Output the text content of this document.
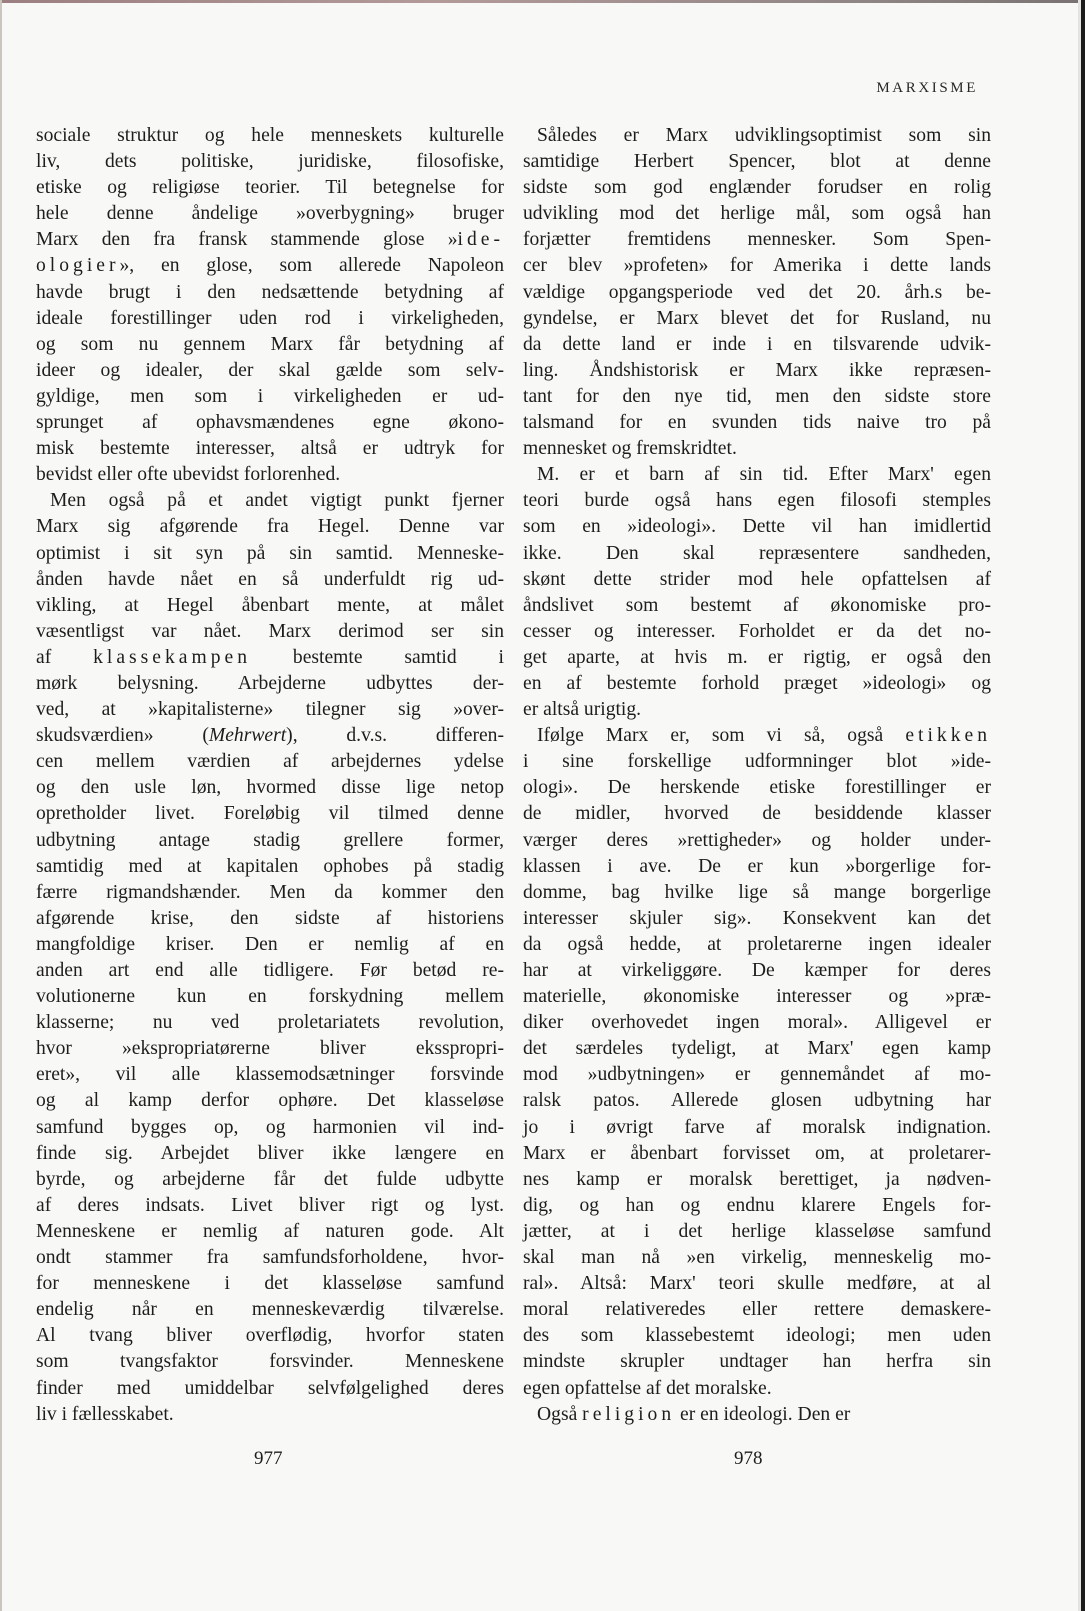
MARXISME
sociale struktur og hele menneskets kulturelle
liv, dets politiske, juridiske, filosofiske,
etiske og religiøse teorier. Til betegnelse for
hele denne åndelige »overbygning» bruger
Marx den fra fransk stammende glose »ide-
ologier», en glose, som allerede Napoleon
havde brugt i den nedsættende betydning af
ideale forestillinger uden rod i virkeligheden,
og som nu gennem Marx får betydning af
ideer og idealer, der skal gælde som selv-
gyldige, men som i virkeligheden er ud-
sprunget af ophavsmændenes egne økono-
misk bestemte interesser, altså er udtryk for
bevidst eller ofte ubevidst forlorenhed.
Men også på et andet vigtigt punkt fjerner
Marx sig afgørende fra Hegel. Denne var
optimist i sit syn på sin samtid. Menneske-
ånden havde nået en så underfuldt rig ud-
vikling, at Hegel åbenbart mente, at målet
væsentligst var nået. Marx derimod ser sin
af klassekampen bestemte samtid i
mørk belysning. Arbejderne udbyttes der-
ved, at »kapitalisterne» tilegner sig »over-
skudsværdien» (Mehrwert), d.v.s. differen-
cen mellem værdien af arbejdernes ydelse
og den usle løn, hvormed disse lige netop
opretholder livet. Foreløbig vil tilmed denne
udbytning antage stadig grellere former,
samtidig med at kapitalen ophobes på stadig
færre rigmandshænder. Men da kommer den
afgørende krise, den sidste af historiens
mangfoldige kriser. Den er nemlig af en
anden art end alle tidligere. Før betød re-
volutionerne kun en forskydning mellem
klasserne; nu ved proletariatets revolution,
hvor »ekspropriatørerne bliver eksspropri-
eret», vil alle klassemodsætninger forsvinde
og al kamp derfor ophøre. Det klasseløse
samfund bygges op, og harmonien vil ind-
finde sig. Arbejdet bliver ikke længere en
byrde, og arbejderne får det fulde udbytte
af deres indsats. Livet bliver rigt og lyst.
Menneskene er nemlig af naturen gode. Alt
ondt stammer fra samfundsforholdene, hvor-
for menneskene i det klasseløse samfund
endelig når en menneskeværdig tilværelse.
Al tvang bliver overflødig, hvorfor staten
som tvangsfaktor forsvinder. Menneskene
finder med umiddelbar selvfølgelighed deres
liv i fællesskabet.
Således er Marx udviklingsoptimist som sin
samtidige Herbert Spencer, blot at denne
sidste som god englænder forudser en rolig
udvikling mod det herlige mål, som også han
forjætter fremtidens mennesker. Som Spen-
cer blev »profeten» for Amerika i dette lands
vældige opgangsperiode ved det 20. årh.s be-
gyndelse, er Marx blevet det for Rusland, nu
da dette land er inde i en tilsvarende udvik-
ling. Åndshistorisk er Marx ikke repræsen-
tant for den nye tid, men den sidste store
talsmand for en svunden tids naive tro på
mennesket og fremskridtet.
M. er et barn af sin tid. Efter Marx' egen
teori burde også hans egen filosofi stemples
som en »ideologi». Dette vil han imidlertid
ikke. Den skal repræsentere sandheden,
skønt dette strider mod hele opfattelsen af
åndslivet som bestemt af økonomiske pro-
cesser og interesser. Forholdet er da det no-
get aparte, at hvis m. er rigtig, er også den
en af bestemte forhold præget »ideologi» og
er altså urigtig.
Ifølge Marx er, som vi så, også etikken
i sine forskellige udformninger blot »ide-
ologi». De herskende etiske forestillinger er
de midler, hvorved de besiddende klasser
værger deres »rettigheder» og holder under-
klassen i ave. De er kun »borgerlige for-
domme, bag hvilke lige så mange borgerlige
interesser skjuler sig». Konsekvent kan det
da også hedde, at proletarerne ingen idealer
har at virkeliggøre. De kæmper for deres
materielle, økonomiske interesser og »præ-
diker overhovedet ingen moral». Alligevel er
det særdeles tydeligt, at Marx' egen kamp
mod »udbytningen» er gennemåndet af mo-
ralsk patos. Allerede glosen udbytning har
jo i øvrigt farve af moralsk indignation.
Marx er åbenbart forvisset om, at proletarer-
nes kamp er moralsk berettiget, ja nødven-
dig, og han og endnu klarere Engels for-
jætter, at i det herlige klasseløse samfund
skal man nå »en virkelig, menneskelig mo-
ral». Altså: Marx' teori skulle medføre, at al
moral relativeredes eller rettere demaskere-
des som klassebestemt ideologi; men uden
mindste skrupler undtager han herfra sin
egen opfattelse af det moralske.
Også religion er en ideologi. Den er
977	978
